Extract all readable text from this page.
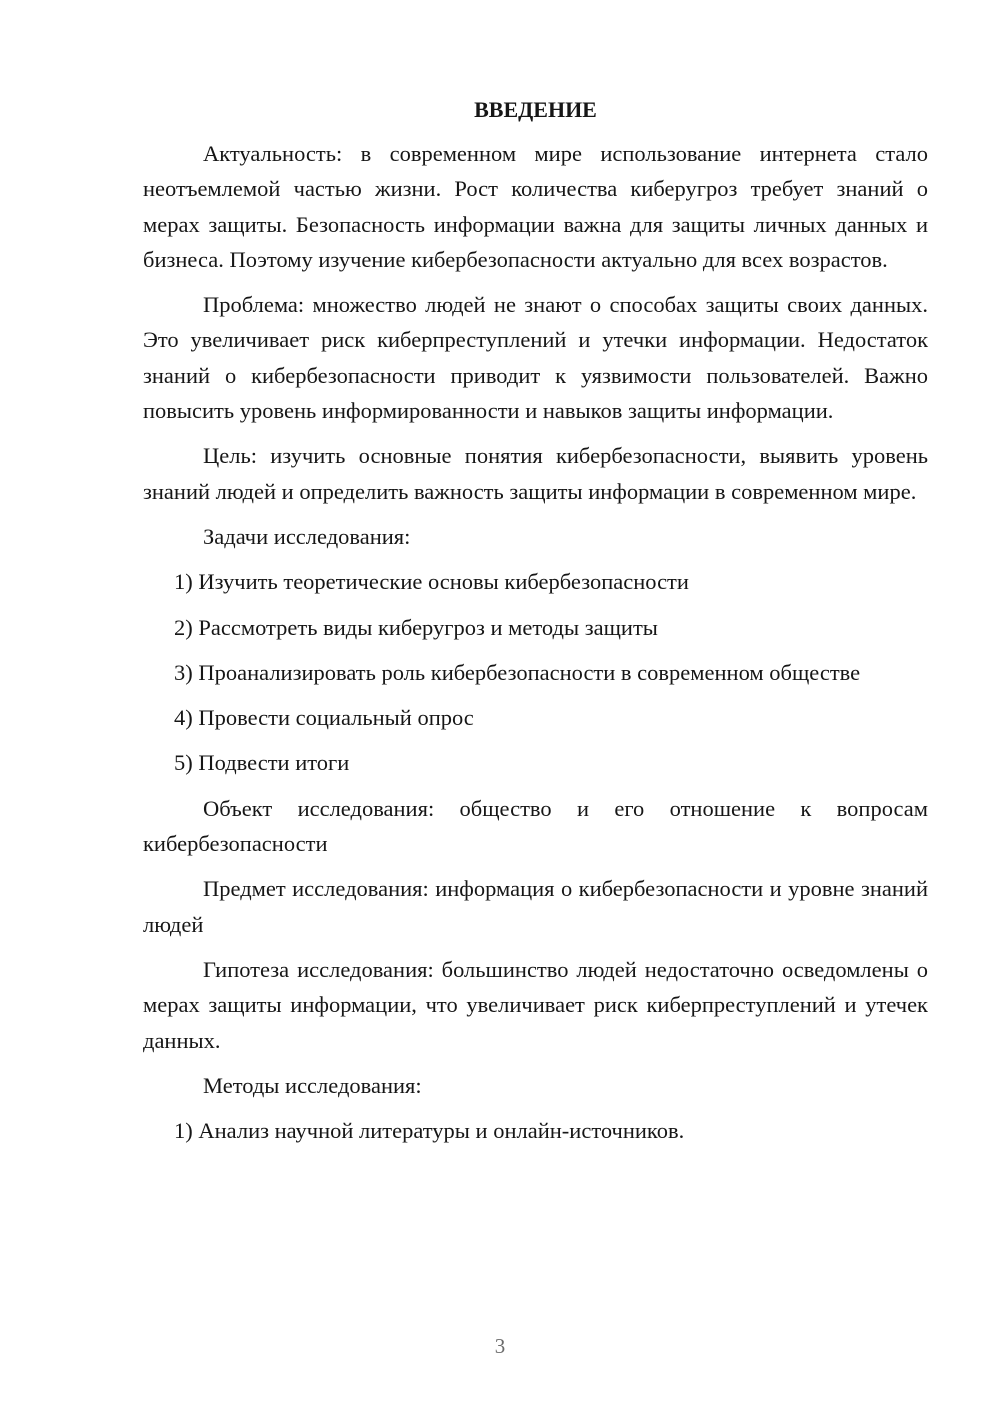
ВВЕДЕНИЕ
Актуальность: в современном мире использование интернета стало неотъемлемой частью жизни. Рост количества киберугроз требует знаний о мерах защиты. Безопасность информации важна для защиты личных данных и бизнеса. Поэтому изучение кибербезопасности актуально для всех возрастов.
Проблема: множество людей не знают о способах защиты своих данных. Это увеличивает риск киберпреступлений и утечки информации. Недостаток знаний о кибербезопасности приводит к уязвимости пользователей. Важно повысить уровень информированности и навыков защиты информации.
Цель: изучить основные понятия кибербезопасности, выявить уровень знаний людей и определить важность защиты информации в современном мире.
Задачи исследования:
1) Изучить теоретические основы кибербезопасности
2) Рассмотреть виды киберугроз и методы защиты
3) Проанализировать роль кибербезопасности в современном обществе
4) Провести социальный опрос
5) Подвести итоги
Объект исследования: общество и его отношение к вопросам кибербезопасности
Предмет исследования: информация о кибербезопасности и уровне знаний людей
Гипотеза исследования: большинство людей недостаточно осведомлены о мерах защиты информации, что увеличивает риск киберпреступлений и утечек данных.
Методы исследования:
1) Анализ научной литературы и онлайн-источников.
3
